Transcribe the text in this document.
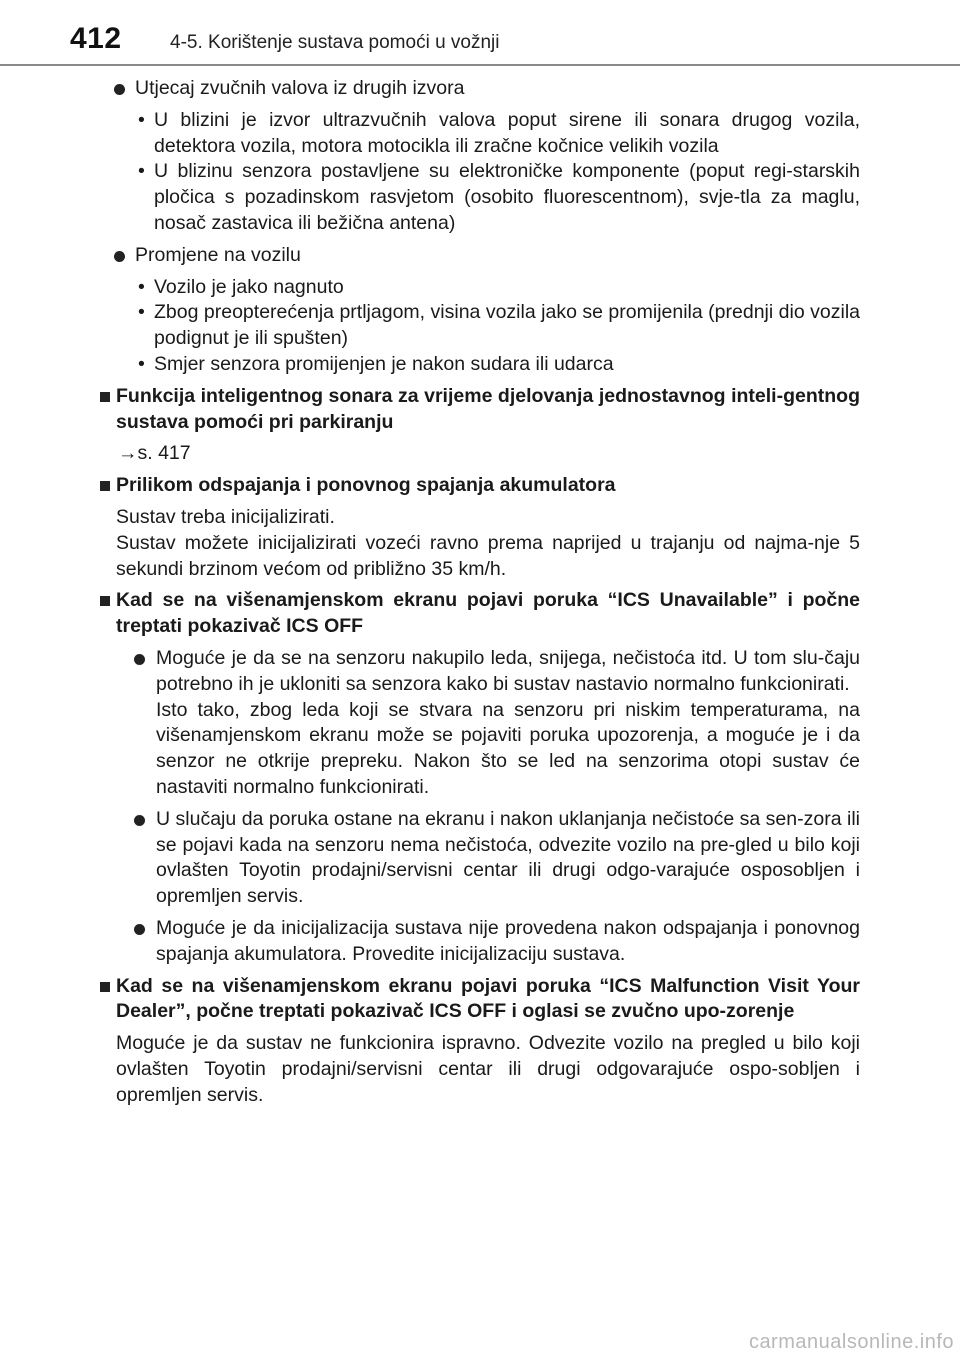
412	4-5. Korištenje sustava pomoći u vožnji
Utjecaj zvučnih valova iz drugih izvora
• U blizini je izvor ultrazvučnih valova poput sirene ili sonara drugog vozila, detektora vozila, motora motocikla ili zračne kočnice velikih vozila
• U blizinu senzora postavljene su elektroničke komponente (poput regi-starskih pločica s pozadinskom rasvjetom (osobito fluorescentnom), svje-tla za maglu, nosač zastavica ili bežična antena)
Promjene na vozilu
• Vozilo je jako nagnuto
• Zbog preopterećenja prtljagom, visina vozila jako se promijenila (prednji dio vozila podignut je ili spušten)
• Smjer senzora promijenjen je nakon sudara ili udarca
Funkcija inteligentnog sonara za vrijeme djelovanja jednostavnog inteli-gentnog sustava pomoći pri parkiranju
→s. 417
Prilikom odspajanja i ponovnog spajanja akumulatora
Sustav treba inicijalizirati.
Sustav možete inicijalizirati vozeći ravno prema naprijed u trajanju od najma-nje 5 sekundi brzinom većom od približno 35 km/h.
Kad se na višenamjenskom ekranu pojavi poruka “ICS Unavailable” i počne treptati pokazivač ICS OFF
Moguće je da se na senzoru nakupilo leda, snijega, nečistoća itd. U tom slu-čaju potrebno ih je ukloniti sa senzora kako bi sustav nastavio normalno funkcionirati.
Isto tako, zbog leda koji se stvara na senzoru pri niskim temperaturama, na višenamjenskom ekranu može se pojaviti poruka upozorenja, a moguće je i da senzor ne otkrije prepreku. Nakon što se led na senzorima otopi sustav će nastaviti normalno funkcionirati.
U slučaju da poruka ostane na ekranu i nakon uklanjanja nečistoće sa sen-zora ili se pojavi kada na senzoru nema nečistoća, odvezite vozilo na pre-gled u bilo koji ovlašten Toyotin prodajni/servisni centar ili drugi odgo-varajuće osposobljen i opremljen servis.
Moguće je da inicijalizacija sustava nije provedena nakon odspajanja i ponovnog spajanja akumulatora. Provedite inicijalizaciju sustava.
Kad se na višenamjenskom ekranu pojavi poruka “ICS Malfunction Visit Your Dealer”, počne treptati pokazivač ICS OFF i oglasi se zvučno upo-zorenje
Moguće je da sustav ne funkcionira ispravno. Odvezite vozilo na pregled u bilo koji ovlašten Toyotin prodajni/servisni centar ili drugi odgovarajuće ospo-sobljen i opremljen servis.
carmanualsonline.info
